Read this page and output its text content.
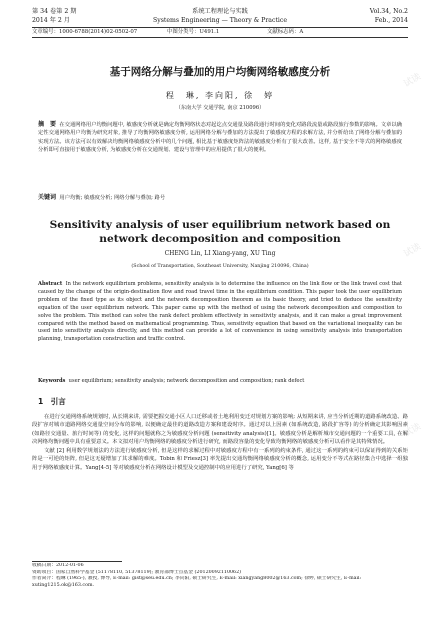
第 34 卷第 2 期	系统工程理论与实践	Vol.34, No.2
2014 年 2 月	Systems Engineering — Theory & Practice	Feb., 2014
文章编号：1000-6788(2014)02-0502-07	中图分类号：U491.1	文献标志码：A
试读
试读
试读
基于网络分解与叠加的用户均衡网络敏感度分析
程　琳, 李向阳, 徐　婷
（东南大学 交通学院, 南京 210096）
摘　要 在交通网络用户均衡问题中, 敏感度分析就是确定均衡网络状态对起讫点交通量及路段通行时间的变化对路段流量或路段旅行参数的影响。文章以确定性交通网络用户均衡为研究对象, 推导了均衡网络敏感度分析, 运用网络分解与叠加的方法提出了敏感度方程的求解方法, 并分析给出了网络分解与叠加的实现方法。该方法可以有效解决均衡网络敏感度分析中的几个问题, 相比基于敏感度矩阵法的敏感度分析有了很大改善。这样, 基于安全不等式的网络敏感度分析即可直接用于敏感度分析, 为敏感度分析在交通规划、建设与管理中的应用提供了很大的便利。
关键词 用户均衡; 敏感度分析; 网络分解与叠加; 路号
Sensitivity analysis of user equilibrium network based on network decomposition and composition
CHENG Lin, LI Xiang-yang, XU Ting
(School of Transportation, Southeast University, Nanjing 210096, China)
Abstract In the network equilibrium problems, sensitivity analysis is to determine the influence on the link flow or the link travel cost that caused by the change of the origin-destination flow and road travel time in the equilibrium condition. This paper took the user equilibrium problem of the fixed type as its object and the network decomposition theorem as its basic theory, and tried to deduce the sensitivity equation of the user equilibrium network. This paper came up with the method of using the network decomposition and composition to solve the problem. This method can solve the rank defect problem effectively in sensitivity analysis, and it can make a great improvement compared with the method based on mathematical programming. Thus, sensitivity equation that based on the variational inequality can be used into sensitivity analysis directly, and this method can provide a lot of convenience in using sensitivity analysis into transportation planning, transportation construction and traffic control.
Keywords user equilibrium; sensitivity analysis; network decomposition and composition; rank defect
1　引言

在进行交通网络系统规划时, 从长期来讲, 需要把握交通小区人口迁移或者土地利用变迁对规划方案的影响; 从短期来讲, 应当分析近期的道路系统改造、路段扩容对城市道路网络交通量空间分布的影响, 以便确定最佳的道路改造方案和建设时序。通过对以上因素 (如系统改造, 路段扩容等) 的分析确定其影响因素 (如路径交通量、旅行时间等) 的变化, 这样的问题就称之为敏感度分析问题 (sensitivity analysis)[1]。敏感度分析是解析城市交通问题的一个重要工具, 在解决网络均衡问题中具有重要意义。本文拟对用户均衡网络的敏感度分析进行研究, 而路段容量的变化导致均衡网络的敏感度分析可以看作是其特殊情况。

文献 [2] 利用数学规划法的方法进行敏感度分析, 但是这样的求解过程中对敏感度方程中有一系列的约束条件, 通过这一系列的约束可以保证得到的关系矩阵是一可逆的矩阵, 但是这无疑增加了其求解的难度。Tobin 和 Friesz[3] 率先提出交通均衡网络敏感度分析的概念, 运用变分不等式在路径集合中选择一组独用于网络敏感度计算。Yang[4-5] 等对敏感度分析在网络设计模型及交通控制中的应用进行了研究, Yang[6] 等

收稿日期：2012-01-06
资助项目：国家自然科学基金 (51178110, 51378119); 教育部博士点基金 (20120092110062)
作者简介：程琳 (1965-), 教授, 博导, E-mail: gist@seu.edu.cn; 李向阳, 硕士研究生, E-mail: xiangyang8002@163.com; 徐婷, 硕士研究生, E-mail: xuting1215.ok@163.com.
